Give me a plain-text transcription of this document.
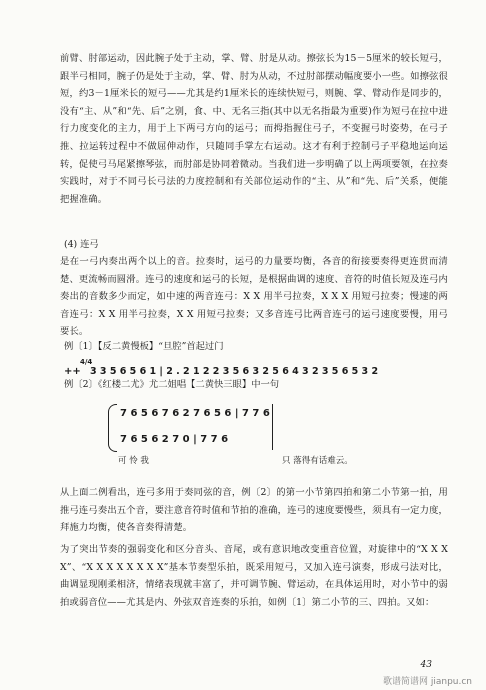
前臂、肘部运动，因此腕子处于主动，掌、臂、肘是从动。擦弦长为15－5厘米的较长短弓，跟半弓相同，腕子仍是处于主动，掌、臂、肘为从动，不过肘部摆动幅度要小一些。如擦弦很短，约3－1厘米长的短弓——尤其是约1厘米长的连续快短弓，则腕、掌、臂动作是同步的，没有“主、从”和“先、后”之别，食、中、无名三指(其中以无名指最为重要)作为短弓在拉中进行力度变化的主力，用于上下两弓方向的运弓；而拇指握住弓子，不变握弓时姿势，在弓子推、拉运转过程中不做屈伸动作，只随同手掌左右运动。这才有利于控制弓子平稳地运向运转，促使弓马尾紧擦琴弦，而肘部是协同着微动。当我们进一步明确了以上两项要领，在拉奏实践时，对于不同弓长弓法的力度控制和有关部位运动作的“主、从”和“先、后”关系，便能把握准确。

(4) 连弓

是在一弓内奏出两个以上的音。拉奏时，运弓的力量要均衡，各音的衔接要奏得更连贯而清楚、更流畅而圆滑。连弓的速度和运弓的长短，是根据曲调的速度、音符的时值长短及连弓内奏出的音数多少而定，如中速的两音连弓：X X 用半弓拉奏，X X X 用短弓拉奏；慢速的两音连弓：X X 用半弓拉奏，X X 用短弓拉奏；又多音连弓比两音连弓的运弓速度要慢，用弓要长。

例〔1〕【反二黄慢板】“旦腔”首起过门
++
4/4
3 3 5 6 5 6 1 | 2 . 2 1 2 2 3 5 6 3 2 5 6 4 3 2 3 5 6 5 3 2
例〔2〕《红楼二尤》尤二姐唱【二黄快三眼】中一句
7 6 5 6 7 6 2 7 6 5 6 | 7 7 6
7 6 5 6 2 7 0 | 7 7 6
可 怜 我	只 落得有话难云。

从上面二例看出，连弓多用于奏同弦的音，例〔2〕的第一小节第四拍和第二小节第一拍，用推弓连弓奏出五个音，要注意音符时值和节拍的准确，连弓的速度要慢些，须具有一定力度，拜施力均衡，使各音奏得清楚。

为了突出节奏的强弱变化和区分音头、音尾，或有意识地改变重音位置，对旋律中的“X X X X”、“X X X X X X X X”基本节奏型乐拍，既采用短弓，又加入连弓演奏，形成弓法对比，曲调显现刚柔相济，情绪表现就丰富了，并可调节腕、臂运动，在具体运用时，对小节中的弱拍或弱音位——尤其是内、外弦双音连奏的乐拍，如例〔1〕第二小节的三、四拍。又如：

43
歌谱简谱网 jianpu.cn
